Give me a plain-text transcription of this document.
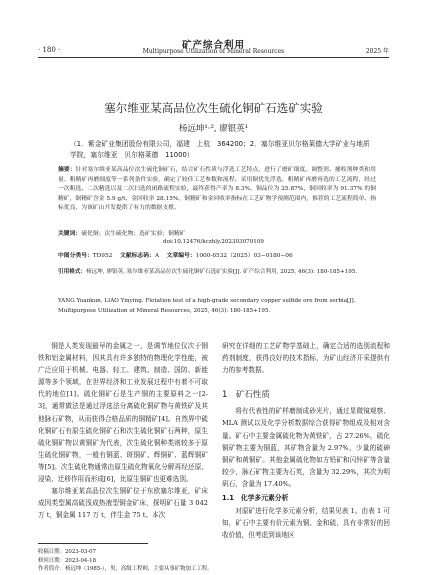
· 180 ·	矿产综合利用
Multipurpose Utilization of Mineral Resources	2025 年
塞尔维亚某高品位次生硫化铜矿石选矿实验
杨远坤¹·², 廖银英¹
（1．紫金矿业集团股份有限公司，福建　上杭　364200；2．塞尔维亚贝尔格莱德大学矿业与地质学院，塞尔维亚　贝尔格莱德　11000）
摘要：针对塞尔维亚某高品位次生硫化铜矿石，结合矿石性质与浮选工艺特点，进行了磨矿细度、调整剂、捕收剂种类和用量、粗精矿再磨细度等一系列条件实验，确定了较佳工艺参数和流程。采用铜优先浮选，粗精矿再磨再选的工艺流程，经过一次粗选、二次精选以及二次扫选的闭路流程实验，最终获得产率为 8.3%、铜品位为 25.87%、铜回收率为 91.37% 的铜精矿，铜精矿含金 5.9 g/t，金回收率 28.15%。铜精矿和金回收率指标在工艺矿物学预测范围内，推荐的工艺流程简单、指标优良，为该矿山开发提供了有力的数据支撑。
关键词：硫化铜；次生硫化物；选矿实验；铜精矿
doi:10.12476/kczhly.202303070109
中图分类号：TD952  文献标志码：A  文章编号：1000-6532（2025）03−0180−06
引用格式：杨远坤, 廖银英. 塞尔维亚某高品位次生硫化铜矿石选矿实验[J]. 矿产综合利用, 2025, 46(3): 180-185+195.
YANG Yuankun, LIAO Yinying. Flotation test of a high-grade secondary copper sulfide ore from serbia[J]. Multipurpose Utilization of Mineral Resources, 2025, 46(3): 180-185+195.

铜是人类发现最早的金属之一，是调节地位仅次于钢铁和铝金属材料，因其具有许多独特的物理化学性能，被广泛应用于机械、电器、轻工、建筑、制造、国防、新能源等多个领域，在世界经济和工业发展过程中有着不可取代的地位[1]。硫化铜矿石是生产铜的主要原料之一[2-3]，通常做法是通过浮选法分离硫化铜矿物与黄铁矿及其他脉石矿物，从而获得合格品质的铜精矿[4]。自然界中硫化铜矿石有原生硫化铜矿石和次生硫化铜矿石两种，原生硫化铜矿物以黄铜矿为代表，次生硫化铜种类则较多于原生硫化铜矿物，一般有铜蓝、斑铜矿、辉铜矿、蓝辉铜矿等[5]。次生硫化物通常由原生硫化物氧化分解再经还原、浸染、迁移作用而形成[6]，比原生铜矿也更难选别。

塞尔维亚某高品位次生铜矿位于东欧塞尔维亚，矿床成因类型属高硫浅成热液型铜金矿床，探明矿石量 3 042 万 t，铜金属 117 万 t，伴生金 75 t。本次

研究在详细的工艺矿物学基础上，确定合适的选别流程和药剂制度，获得良好的技术指标，为矿山经济开采提供有力的参考数据。

1　矿石性质

将有代表性的矿样磨制成砂光片，通过显微镜观察、MLA 测试以及化学分析数据综合获得矿物组成及相对含量。矿石中主要金属硫化物为黄铁矿，占 27.26%，硫化铜矿物主要为铜蓝，其矿物含量为 2.97%，少量的硫砷铜矿和黄铜矿。其他金属硫化物如方铅矿和闪锌矿等含量较少，脉石矿物主要为石英，含量为 32.29%，其次为明矾石，含量为 17.40%。

1.1　化学多元素分析

对原矿进行化学多元素分析，结果见表 1。由表 1 可知，矿石中主要有价元素为铜、金和硫，具有非常好的回收价值，但考虑到该地区

收稿日期：2023-03-07
修回日期：2023-04-18
作者简介：杨远坤（1985-），男，高级工程师，主要从事矿物加工工程。
